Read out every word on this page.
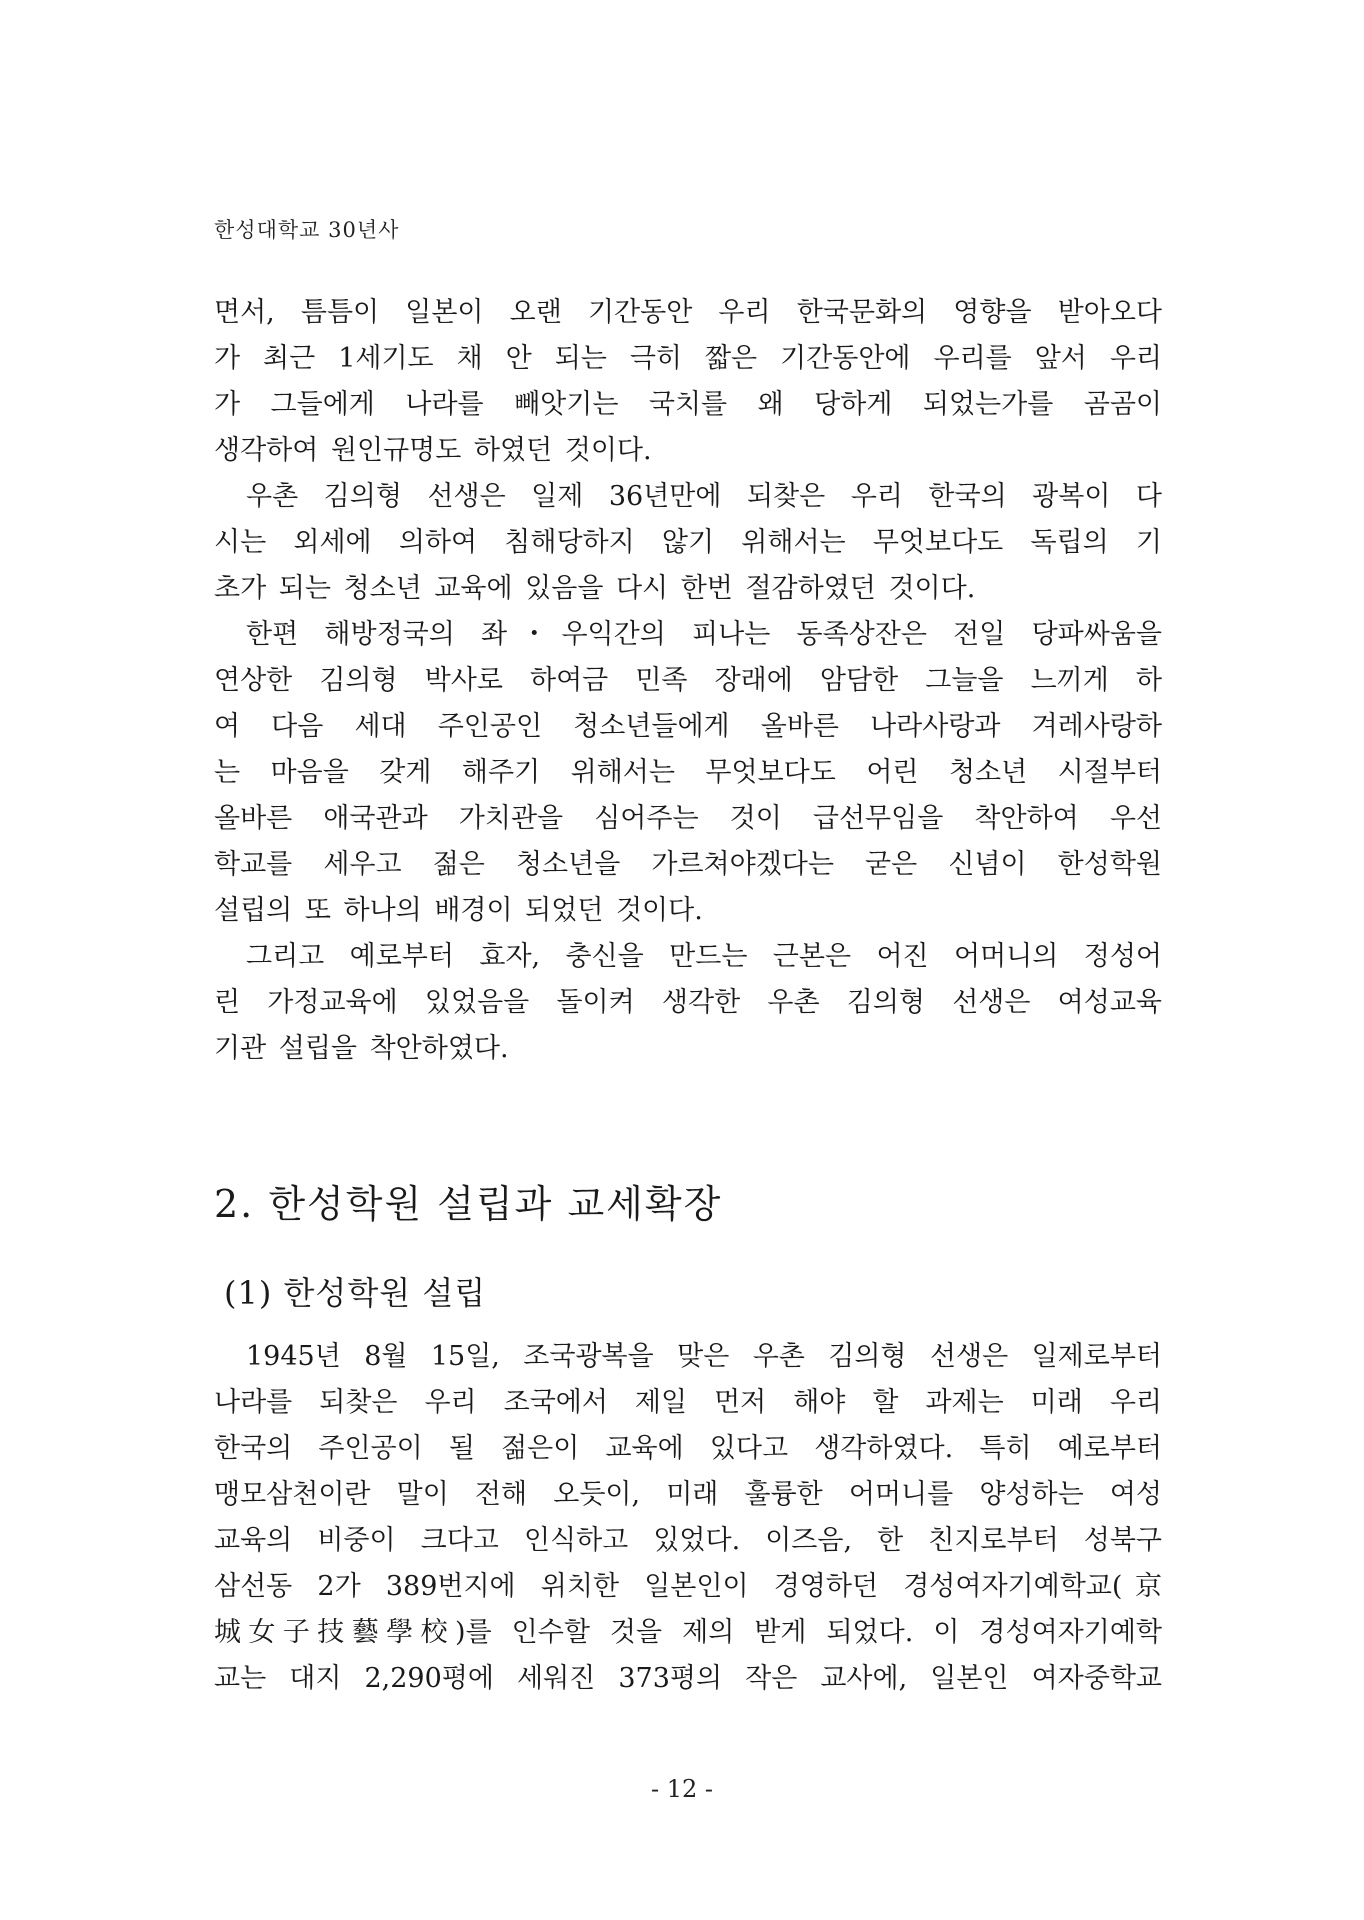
한성대학교 30년사
면서, 틈틈이 일본이 오랜 기간동안 우리 한국문화의 영향을 받아오다
가 최근 1세기도 채 안 되는 극히 짧은 기간동안에 우리를 앞서 우리
가 그들에게 나라를 빼앗기는 국치를 왜 당하게 되었는가를 곰곰이
생각하여 원인규명도 하였던 것이다.
우촌 김의형 선생은 일제 36년만에 되찾은 우리 한국의 광복이 다
시는 외세에 의하여 침해당하지 않기 위해서는 무엇보다도 독립의 기
초가 되는 청소년 교육에 있음을 다시 한번 절감하였던 것이다.
한편 해방정국의 좌・우익간의 피나는 동족상잔은 전일 당파싸움을
연상한 김의형 박사로 하여금 민족 장래에 암담한 그늘을 느끼게 하
여 다음 세대 주인공인 청소년들에게 올바른 나라사랑과 겨레사랑하
는 마음을 갖게 해주기 위해서는 무엇보다도 어린 청소년 시절부터
올바른 애국관과 가치관을 심어주는 것이 급선무임을 착안하여 우선
학교를 세우고 젊은 청소년을 가르쳐야겠다는 굳은 신념이 한성학원
설립의 또 하나의 배경이 되었던 것이다.
그리고 예로부터 효자, 충신을 만드는 근본은 어진 어머니의 정성어
린 가정교육에 있었음을 돌이켜 생각한 우촌 김의형 선생은 여성교육
기관 설립을 착안하였다.
2. 한성학원 설립과 교세확장
(1) 한성학원 설립
1945년 8월 15일, 조국광복을 맞은 우촌 김의형 선생은 일제로부터
나라를 되찾은 우리 조국에서 제일 먼저 해야 할 과제는 미래 우리
한국의 주인공이 될 젊은이 교육에 있다고 생각하였다. 특히 예로부터
맹모삼천이란 말이 전해 오듯이, 미래 훌륭한 어머니를 양성하는 여성
교육의 비중이 크다고 인식하고 있었다. 이즈음, 한 친지로부터 성북구
삼선동 2가 389번지에 위치한 일본인이 경영하던 경성여자기예학교(京
城女子技藝學校)를 인수할 것을 제의 받게 되었다. 이 경성여자기예학
교는 대지 2,290평에 세워진 373평의 작은 교사에, 일본인 여자중학교
- 12 -
